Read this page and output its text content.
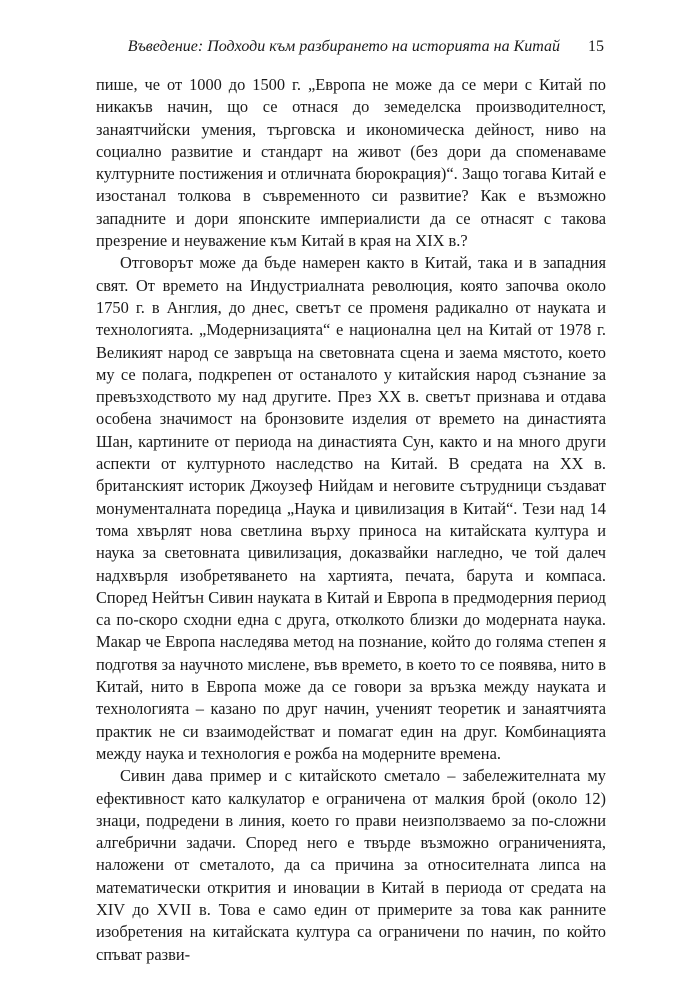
Въведение: Подходи към разбирането на историята на Китай 15

пише, че от 1000 до 1500 г. „Европа не може да се мери с Китай по никакъв начин, що се отнася до земеделска производителност, занаятчийски умения, търговска и икономическа дейност, ниво на социално развитие и стандарт на живот (без дори да споменаваме културните постижения и отличната бюрокрация)“. Защо тогава Китай е изостанал толкова в съвременното си развитие? Как е възможно западните и дори японските империалисти да се отнасят с такова презрение и неуважение към Китай в края на XIX в.?

Отговорът може да бъде намерен както в Китай, така и в западния свят. От времето на Индустриалната революция, която започва около 1750 г. в Англия, до днес, светът се променя радикално от науката и технологията. „Модернизацията“ е национална цел на Китай от 1978 г. Великият народ се завръща на световната сцена и заема мястото, което му се полага, подкрепен от останалото у китайския народ съзнание за превъзходството му над другите. През XX в. светът признава и отдава особена значимост на бронзовите изделия от времето на династията Шан, картините от периода на династията Сун, както и на много други аспекти от културното наследство на Китай. В средата на XX в. британският историк Джоузеф Нийдам и неговите сътрудници създават монументалната поредица „Наука и цивилизация в Китай“. Тези над 14 тома хвърлят нова светлина върху приноса на китайската култура и наука за световната цивилизация, доказвайки нагледно, че той далеч надхвърля изобретяването на хартията, печата, барута и компаса. Според Нейтън Сивин науката в Китай и Европа в предмодерния период са по-скоро сходни една с друга, отколкото близки до модерната наука. Макар че Европа наследява метод на познание, който до голяма степен я подготвя за научното мислене, във времето, в което то се появява, нито в Китай, нито в Европа може да се говори за връзка между науката и технологията – казано по друг начин, ученият теоретик и занаятчията практик не си взаимодействат и помагат един на друг. Комбинацията между наука и технология е рожба на модерните времена.

Сивин дава пример и с китайското сметало – забележителната му ефективност като калкулатор е ограничена от малкия брой (около 12) знаци, подредени в линия, което го прави неизползваемо за по-сложни алгебрични задачи. Според него е твърде възможно ограниченията, наложени от сметалото, да са причина за относителната липса на математически открития и иновации в Китай в периода от средата на XIV до XVII в. Това е само един от примерите за това как ранните изобретения на китайската култура са ограничени по начин, по който спъват разви-
